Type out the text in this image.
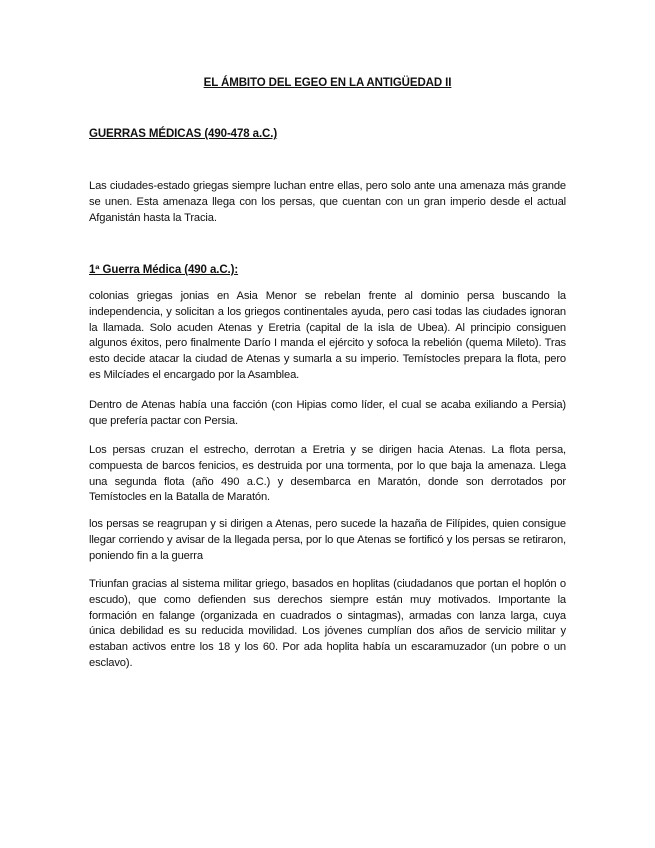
EL ÁMBITO DEL EGEO EN LA ANTIGÜEDAD II
GUERRAS MÉDICAS (490-478 a.C.)

Las ciudades-estado griegas siempre luchan entre ellas, pero solo ante una amenaza más grande se unen. Esta amenaza llega con los persas, que cuentan con un gran imperio desde el actual Afganistán hasta la Tracia.

1ª Guerra Médica (490 a.C.):

colonias griegas jonias en Asia Menor se rebelan frente al dominio persa buscando la independencia, y solicitan a los griegos continentales ayuda, pero casi todas las ciudades ignoran la llamada. Solo acuden Atenas y Eretria (capital de la isla de Ubea). Al principio consiguen algunos éxitos, pero finalmente Darío I manda el ejército y sofoca la rebelión (quema Mileto). Tras esto decide atacar la ciudad de Atenas y sumarla a su imperio. Temístocles prepara la flota, pero es Milcíades el encargado por la Asamblea.

Dentro de Atenas había una facción (con Hipias como líder, el cual se acaba exiliando a Persia) que prefería pactar con Persia.

Los persas cruzan el estrecho, derrotan a Eretria y se dirigen hacia Atenas. La flota persa, compuesta de barcos fenicios, es destruida por una tormenta, por lo que baja la amenaza. Llega una segunda flota (año 490 a.C.) y desembarca en Maratón, donde son derrotados por Temístocles en la Batalla de Maratón.

los persas se reagrupan y si dirigen a Atenas, pero sucede la hazaña de Filípides, quien consigue llegar corriendo y avisar de la llegada persa, por lo que Atenas se fortificó y los persas se retiraron, poniendo fin a la guerra

Triunfan gracias al sistema militar griego, basados en hoplitas (ciudadanos que portan el hoplón o escudo), que como defienden sus derechos siempre están muy motivados. Importante la formación en falange (organizada en cuadrados o sintagmas), armadas con lanza larga, cuya única debilidad es su reducida movilidad. Los jóvenes cumplían dos años de servicio militar y estaban activos entre los 18 y los 60. Por ada hoplita había un escaramuzador (un pobre o un esclavo).
